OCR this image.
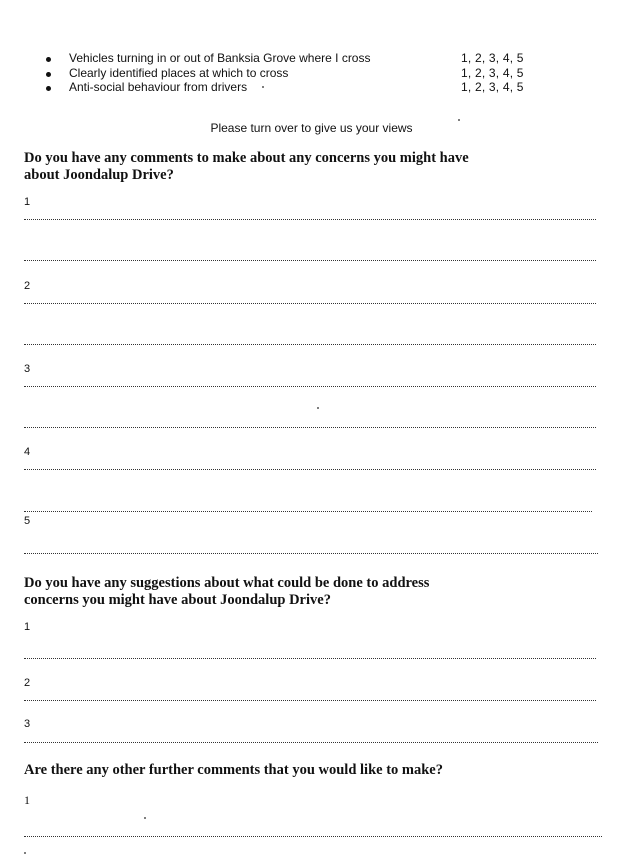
Vehicles turning in or out of Banksia Grove where I cross	1, 2, 3, 4, 5
Clearly identified places at which to cross	1, 2, 3, 4, 5
Anti-social behaviour from drivers	1, 2, 3, 4, 5
Please turn over to give us your views
Do you have any comments to make about any concerns you might have
about Joondalup Drive?
1
2
3
4
5
Do you have any suggestions about what could be done to address
concerns you might have about Joondalup Drive?
1
2
3
Are there any other further comments that you would like to make?
1
